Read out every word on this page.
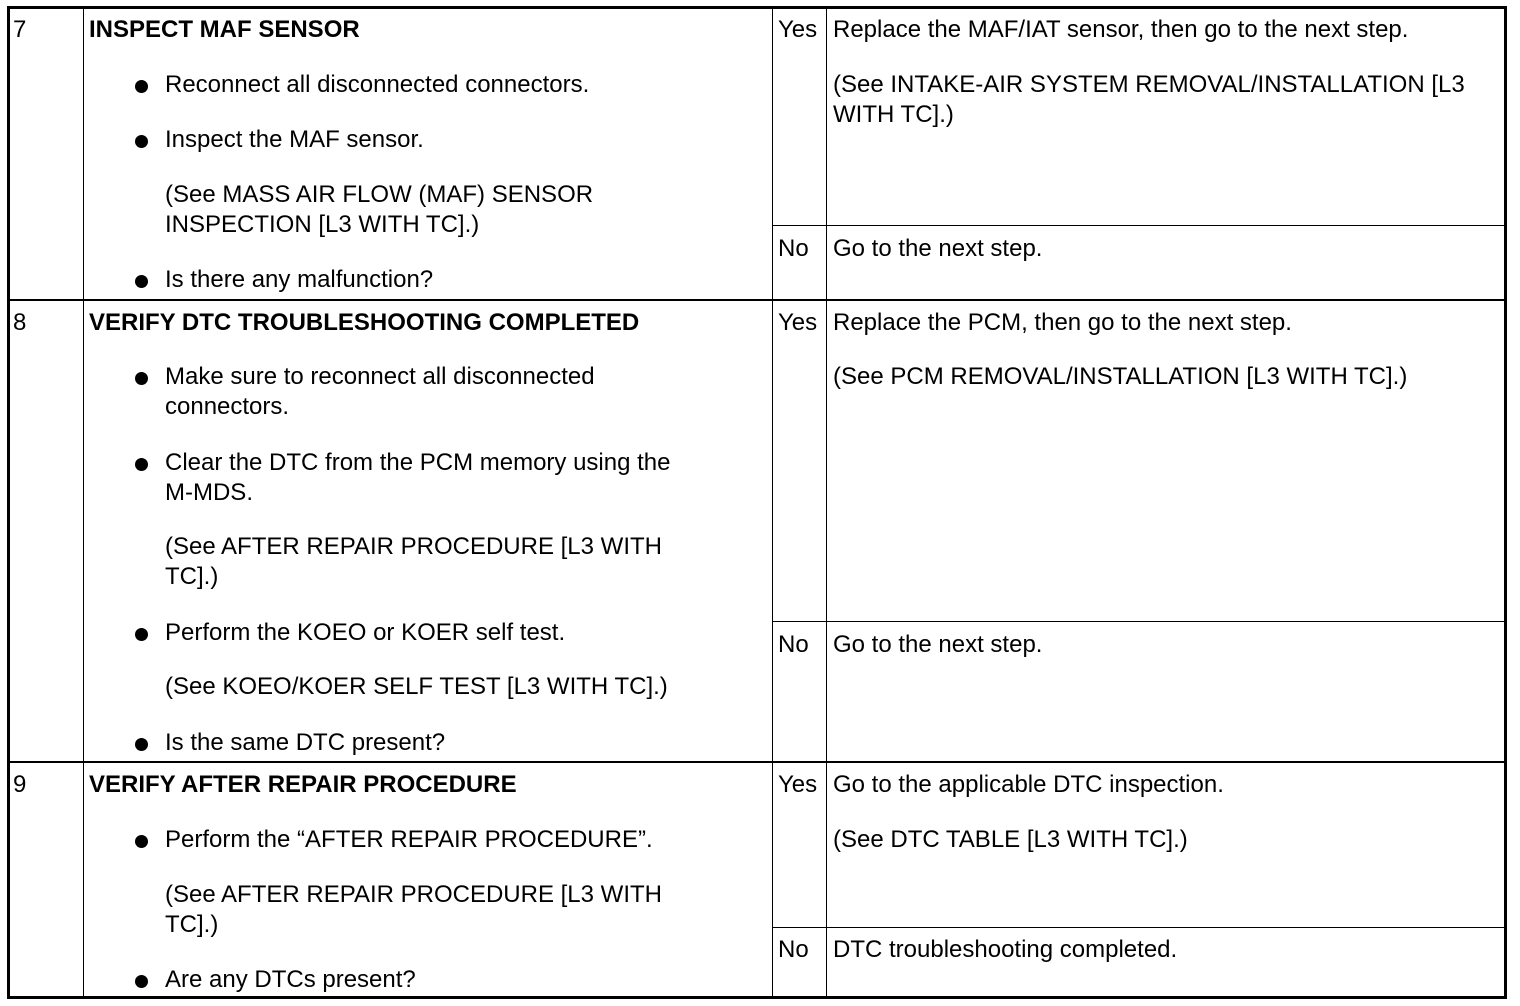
7	INSPECT MAF SENSOR
Reconnect all disconnected connectors.
Inspect the MAF sensor.
(See MASS AIR FLOW (MAF) SENSOR
INSPECTION [L3 WITH TC].)
Is there any malfunction?
Yes Replace the MAF/IAT sensor, then go to the next step.
(See INTAKE-AIR SYSTEM REMOVAL/INSTALLATION [L3
WITH TC].)
No Go to the next step.
8	VERIFY DTC TROUBLESHOOTING COMPLETED
Make sure to reconnect all disconnected
connectors.
Clear the DTC from the PCM memory using the
M-MDS.
(See AFTER REPAIR PROCEDURE [L3 WITH
TC].)
Perform the KOEO or KOER self test.
(See KOEO/KOER SELF TEST [L3 WITH TC].)
Is the same DTC present?
Yes Replace the PCM, then go to the next step.
(See PCM REMOVAL/INSTALLATION [L3 WITH TC].)
No Go to the next step.
9	VERIFY AFTER REPAIR PROCEDURE
Perform the “AFTER REPAIR PROCEDURE”.
(See AFTER REPAIR PROCEDURE [L3 WITH
TC].)
Are any DTCs present?
Yes Go to the applicable DTC inspection.
(See DTC TABLE [L3 WITH TC].)
No DTC troubleshooting completed.
